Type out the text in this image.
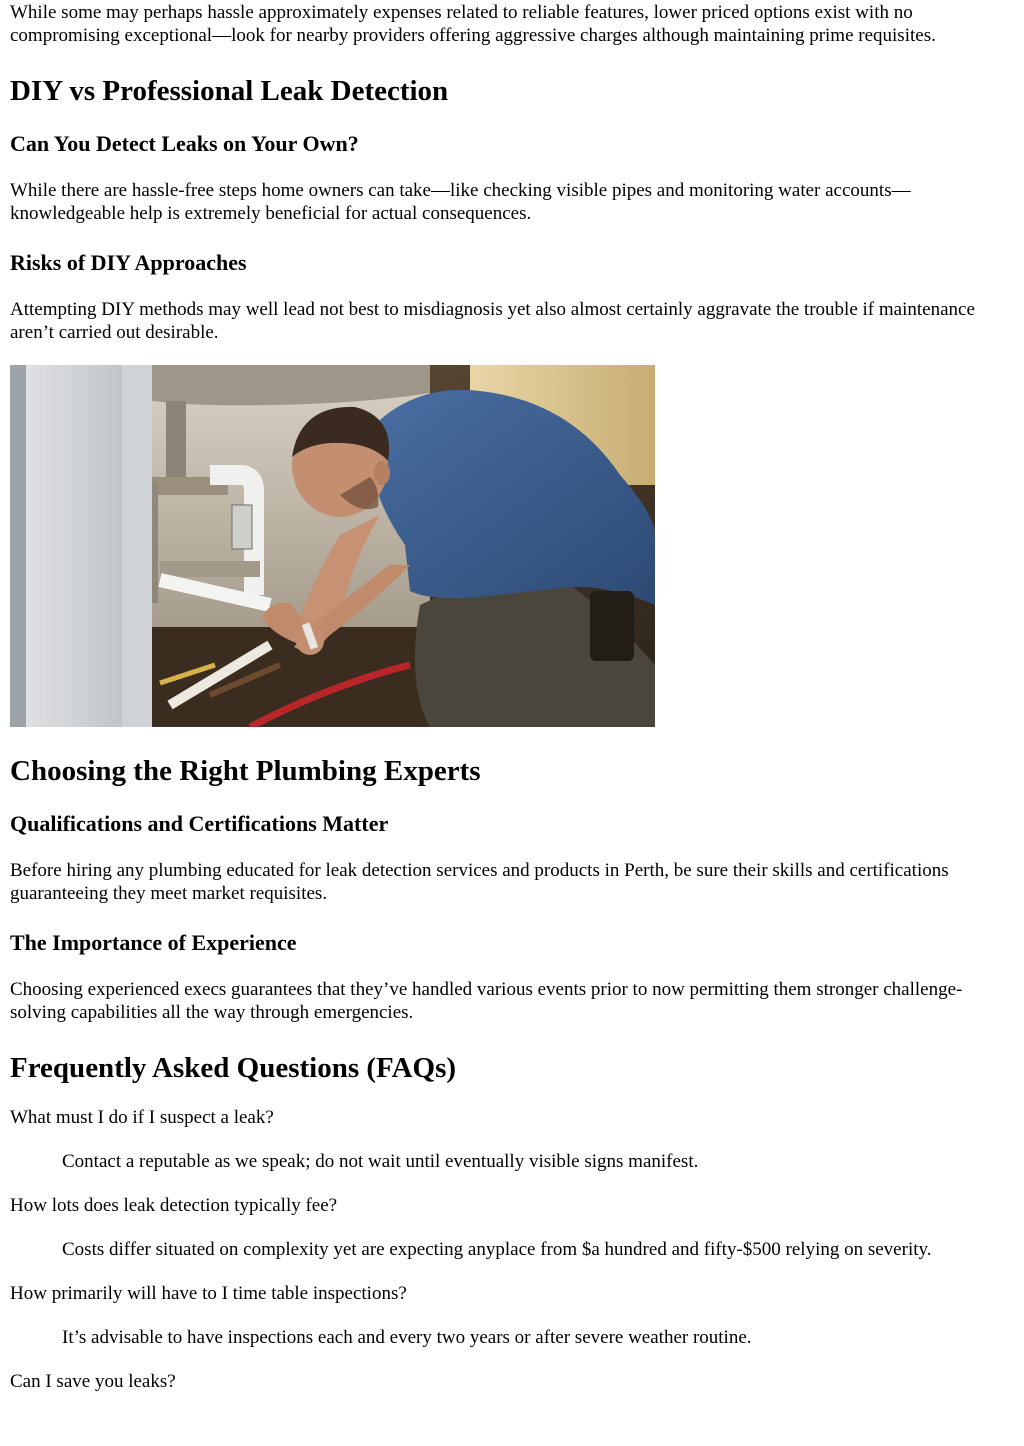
While some may perhaps hassle approximately expenses related to reliable features, lower priced options exist with no compromising exceptional—look for nearby providers offering aggressive charges although maintaining prime requisites.

DIY vs Professional Leak Detection
Can You Detect Leaks on Your Own?

While there are hassle-free steps home owners can take—like checking visible pipes and monitoring water accounts—knowledgeable help is extremely beneficial for actual consequences.

Risks of DIY Approaches

Attempting DIY methods may well lead not best to misdiagnosis yet also almost certainly aggravate the trouble if maintenance aren’t carried out desirable.

Choosing the Right Plumbing Experts
Qualifications and Certifications Matter

Before hiring any plumbing educated for leak detection services and products in Perth, be sure their skills and certifications guaranteeing they meet market requisites.

The Importance of Experience

Choosing experienced execs guarantees that they’ve handled various events prior to now permitting them stronger challenge-solving capabilities all the way through emergencies.

Frequently Asked Questions (FAQs)
What must I do if I suspect a leak?
Contact a reputable as we speak; do not wait until eventually visible signs manifest.
How lots does leak detection typically fee?
Costs differ situated on complexity yet are expecting anyplace from $a hundred and fifty-$500 relying on severity.
How primarily will have to I time table inspections?
It’s advisable to have inspections each and every two years or after severe weather routine.
Can I save you leaks?
